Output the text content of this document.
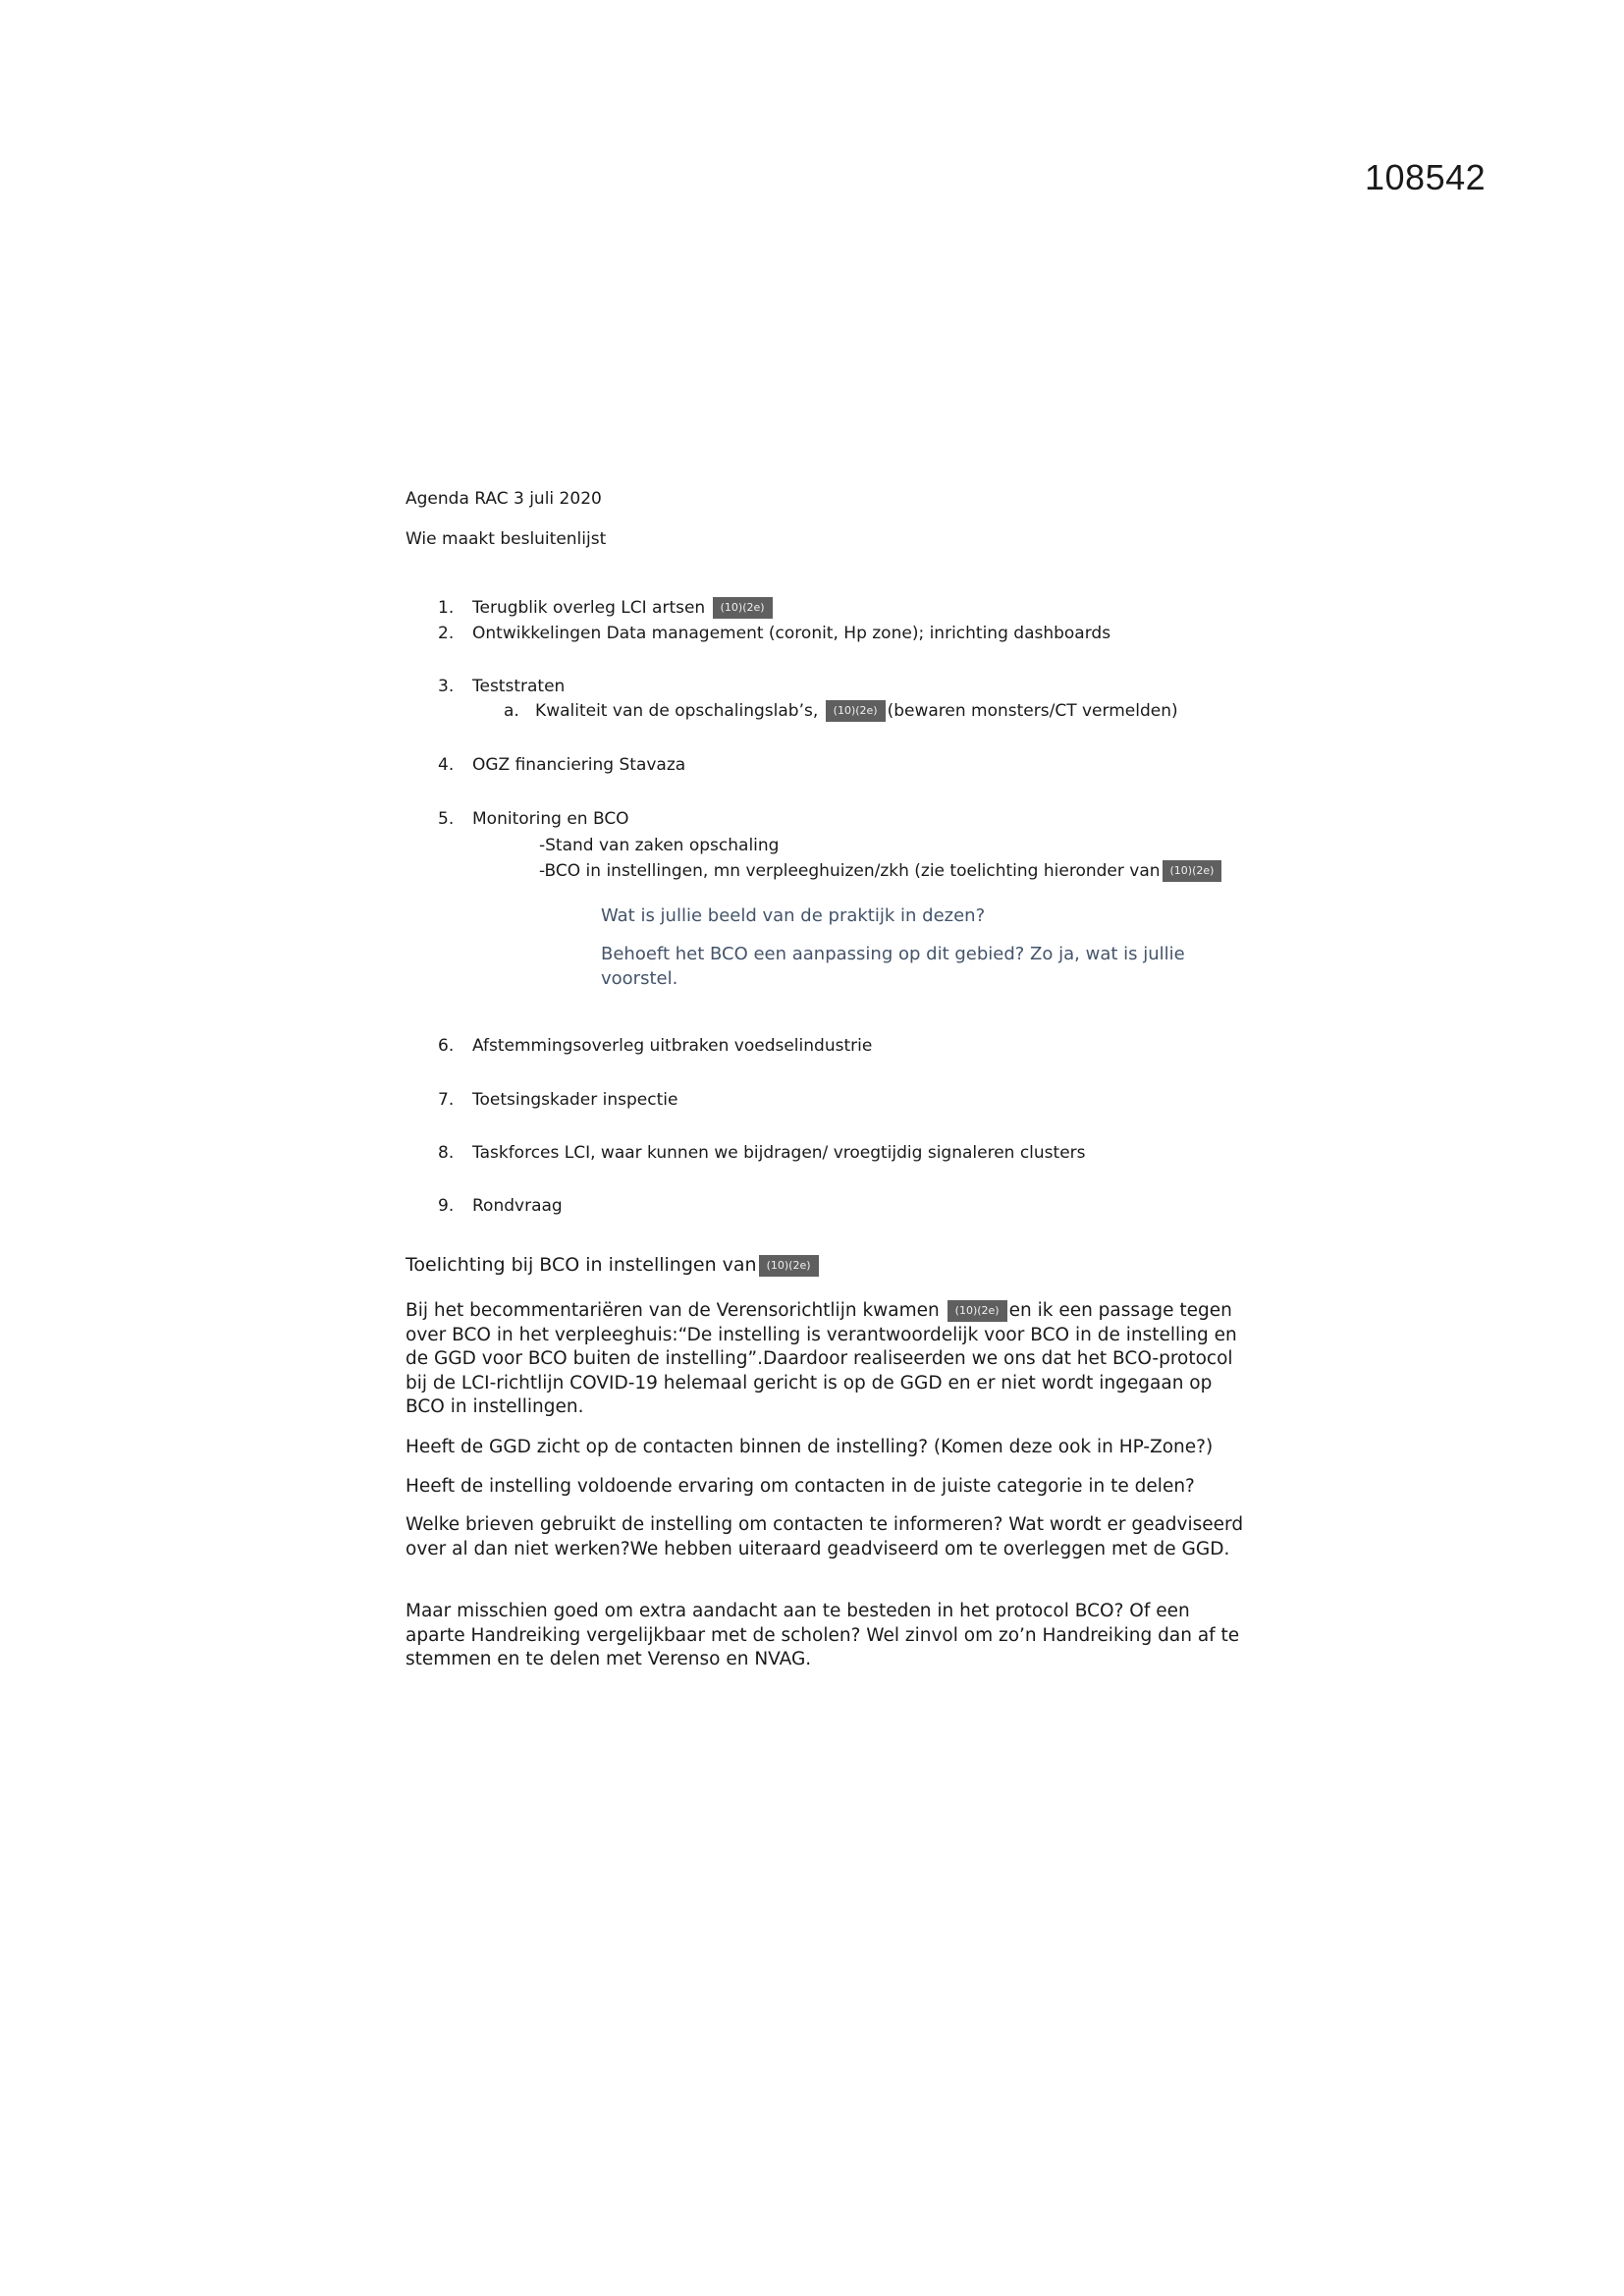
108542
Agenda RAC 3 juli 2020
Wie maakt besluitenlijst
1. Terugblik overleg LCI artsen (10)(2e)
2. Ontwikkelingen Data management (coronit, Hp zone); inrichting dashboards
3. Teststraten
a. Kwaliteit van de opschalingslab’s, (10)(2e) (bewaren monsters/CT vermelden)
4. OGZ financiering Stavaza
5. Monitoring en BCO
-Stand van zaken opschaling
-BCO in instellingen, mn verpleeghuizen/zkh (zie toelichting hieronder van (10)(2e)
Wat is jullie beeld van de praktijk in dezen?
Behoeft het BCO een aanpassing op dit gebied? Zo ja, wat is jullie voorstel.
6. Afstemmingsoverleg uitbraken voedselindustrie
7. Toetsingskader inspectie
8. Taskforces LCI, waar kunnen we bijdragen/ vroegtijdig signaleren clusters
9. Rondvraag
Toelichting bij BCO in instellingen van (10)(2e)
Bij het becommentariëren van de Verensorichtlijn kwamen (10)(2e) en ik een passage tegen over BCO in het verpleeghuis:“De instelling is verantwoordelijk voor BCO in de instelling en de GGD voor BCO buiten de instelling”.Daardoor realiseerden we ons dat het BCO-protocol bij de LCI-richtlijn COVID-19 helemaal gericht is op de GGD en er niet wordt ingegaan op BCO in instellingen.
Heeft de GGD zicht op de contacten binnen de instelling? (Komen deze ook in HP-Zone?)
Heeft de instelling voldoende ervaring om contacten in de juiste categorie in te delen?
Welke brieven gebruikt de instelling om contacten te informeren? Wat wordt er geadviseerd over al dan niet werken?We hebben uiteraard geadviseerd om te overleggen met de GGD.
Maar misschien goed om extra aandacht aan te besteden in het protocol BCO? Of een aparte Handreiking vergelijkbaar met de scholen? Wel zinvol om zo’n Handreiking dan af te stemmen en te delen met Verenso en NVAG.
